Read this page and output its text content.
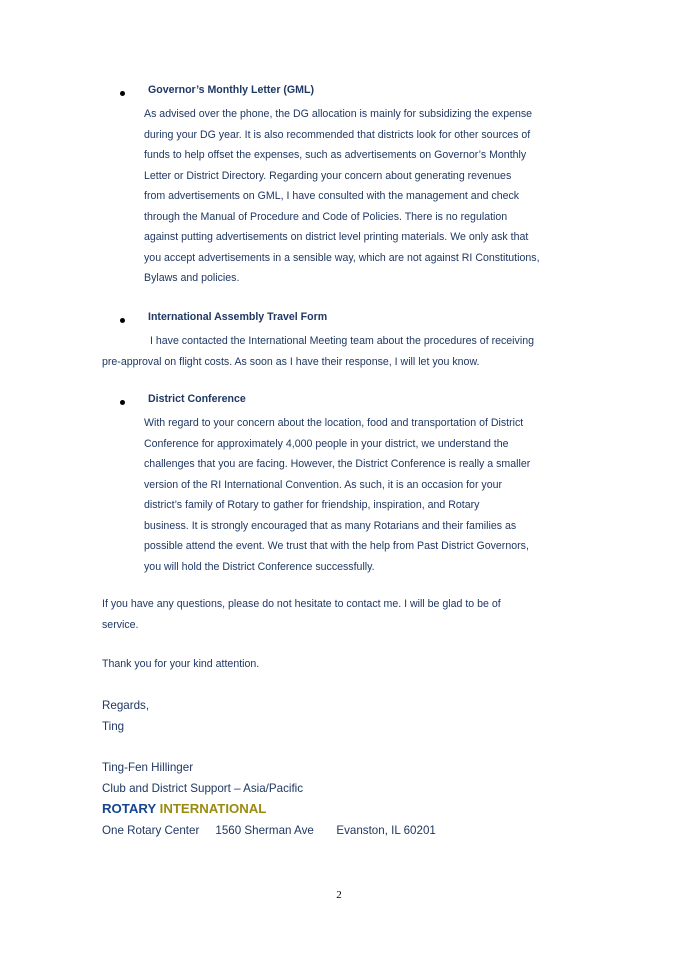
Governor’s Monthly Letter (GML)
As advised over the phone, the DG allocation is mainly for subsidizing the expense
during your DG year. It is also recommended that districts look for other sources of
funds to help offset the expenses, such as advertisements on Governor’s Monthly
Letter or District Directory. Regarding your concern about generating revenues
from advertisements on GML, I have consulted with the management and check
through the Manual of Procedure and Code of Policies. There is no regulation
against putting advertisements on district level printing materials. We only ask that
you accept advertisements in a sensible way, which are not against RI Constitutions,
Bylaws and policies.
International Assembly Travel Form
I have contacted the International Meeting team about the procedures of receiving
pre-approval on flight costs. As soon as I have their response, I will let you know.
District Conference
With regard to your concern about the location, food and transportation of District
Conference for approximately 4,000 people in your district, we understand the
challenges that you are facing. However, the District Conference is really a smaller
version of the RI International Convention. As such, it is an occasion for your
district’s family of Rotary to gather for friendship, inspiration, and Rotary
business. It is strongly encouraged that as many Rotarians and their families as
possible attend the event. We trust that with the help from Past District Governors,
you will hold the District Conference successfully.
If you have any questions, please do not hesitate to contact me. I will be glad to be of
service.
Thank you for your kind attention.
Regards,
Ting
Ting-Fen Hillinger
Club and District Support – Asia/Pacific
ROTARY INTERNATIONAL
One Rotary Center     1560 Sherman Ave       Evanston, IL 60201
2
